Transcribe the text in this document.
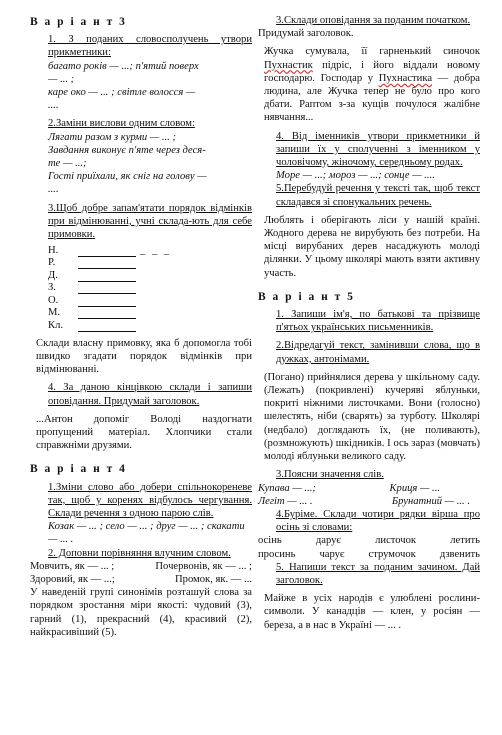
В а р і а н т 3

1. З поданих словосполучень утвори прикметники:

багато років — ...; п'ятий поверх

— ... ;

каре око — ... ; світле волосся —

....

2.Заміни вислови одним словом:

Лягати разом з курми — ... ;

Завдання виконує п'яте через деся-

те — ...;

Гості приїхали, як сніг на голову —

....

3.Щоб добре запам'ятати порядок відмінків при відмінюванні, учні склада-ють для себе примовки.

Н.	_ _ _
Р.
Д.
З.
О.
М.
Кл.

Склади власну примовку, яка б допомогла тобі швидко згадати порядок відмінків при відмінюванні.

4. За даною кінцівкою склади і запиши оповідання. Придумай заголовок.

...Антон допоміг Володі наздогнати пропущений матеріал. Хлопчики стали справжніми друзями.

В а р і а н т 4

1.Зміни слово або добери спільнокореневе так, щоб у коренях відбулось чергування. Склади речення з одною парою слів.

Козак — ... ; село — ... ; друг — ... ; скакати — ... .

2. Доповни порівняння влучним словом.

Мовчить, як — ... ;	Почервонів, як — ... ;
Здоровий, як — ...;	Промок, як. — ...

У наведеній групі синонімів розташуй слова за порядком зростання міри якості: чудовий (3), гарний (1), прекрасний (4), красивий (2), найкрасивіший (5).

3.Склади оповідання за поданим початком.

Придумай заголовок.

Жучка сумувала, її гарненький синочок Пухнастик підріс, і його віддали новому господарю. Господар у Пухнастика — добра людина, але Жучка тепер не було про кого дбати. Раптом з-за кущів почулося жалібне нявчання...

4. Від іменників утвори прикметники й запиши їх у сполученні з іменником у чоловічому, жіночому, середньому родах.

Море — ...; мороз — ...; сонце — ....

5.Перебудуй речення у тексті так, щоб текст складався зі спонукальних речень.

Люблять і оберігають ліси у нашій країні. Жодного дерева не вирубують без потреби. На місці вирубаних дерев насаджують молоді ділянки. У цьому школярі мають взяти активну участь.

В а р і а н т 5

1. Запиши ім'я, по батькові та прізвище п'ятьох українських письменників.

2.Відредагуй текст, замінивши слова, що в дужках, антонімами.

(Погано) прийнялися дерева у шкільному саду. (Лежать) (покривлені) кучеряві яблуньки, покриті ніжними листочками. Вони (голосно) шелестять, ніби (сварять) за турботу. Школярі (недбало) доглядають їх, (не поливають), (розмножують) шкідників. І ось зараз (мовчать) молоді яблуньки великого саду.

3.Поясни значення слів.

Купава — ...;	Криця — ...
Легіт — ... .	Брунатний — ... .

4.Буріме. Склади чотири рядки вірша про осінь зі словами:

осінь	дарує	листочок	летить
просинь чарує струмочок дзвенить

5. Напиши текст за поданим зачином. Дай заголовок.

Майже в усіх народів є улюблені рослини-символи. У канадців — клен, у росіян — береза, а в нас в Україні — ... .
